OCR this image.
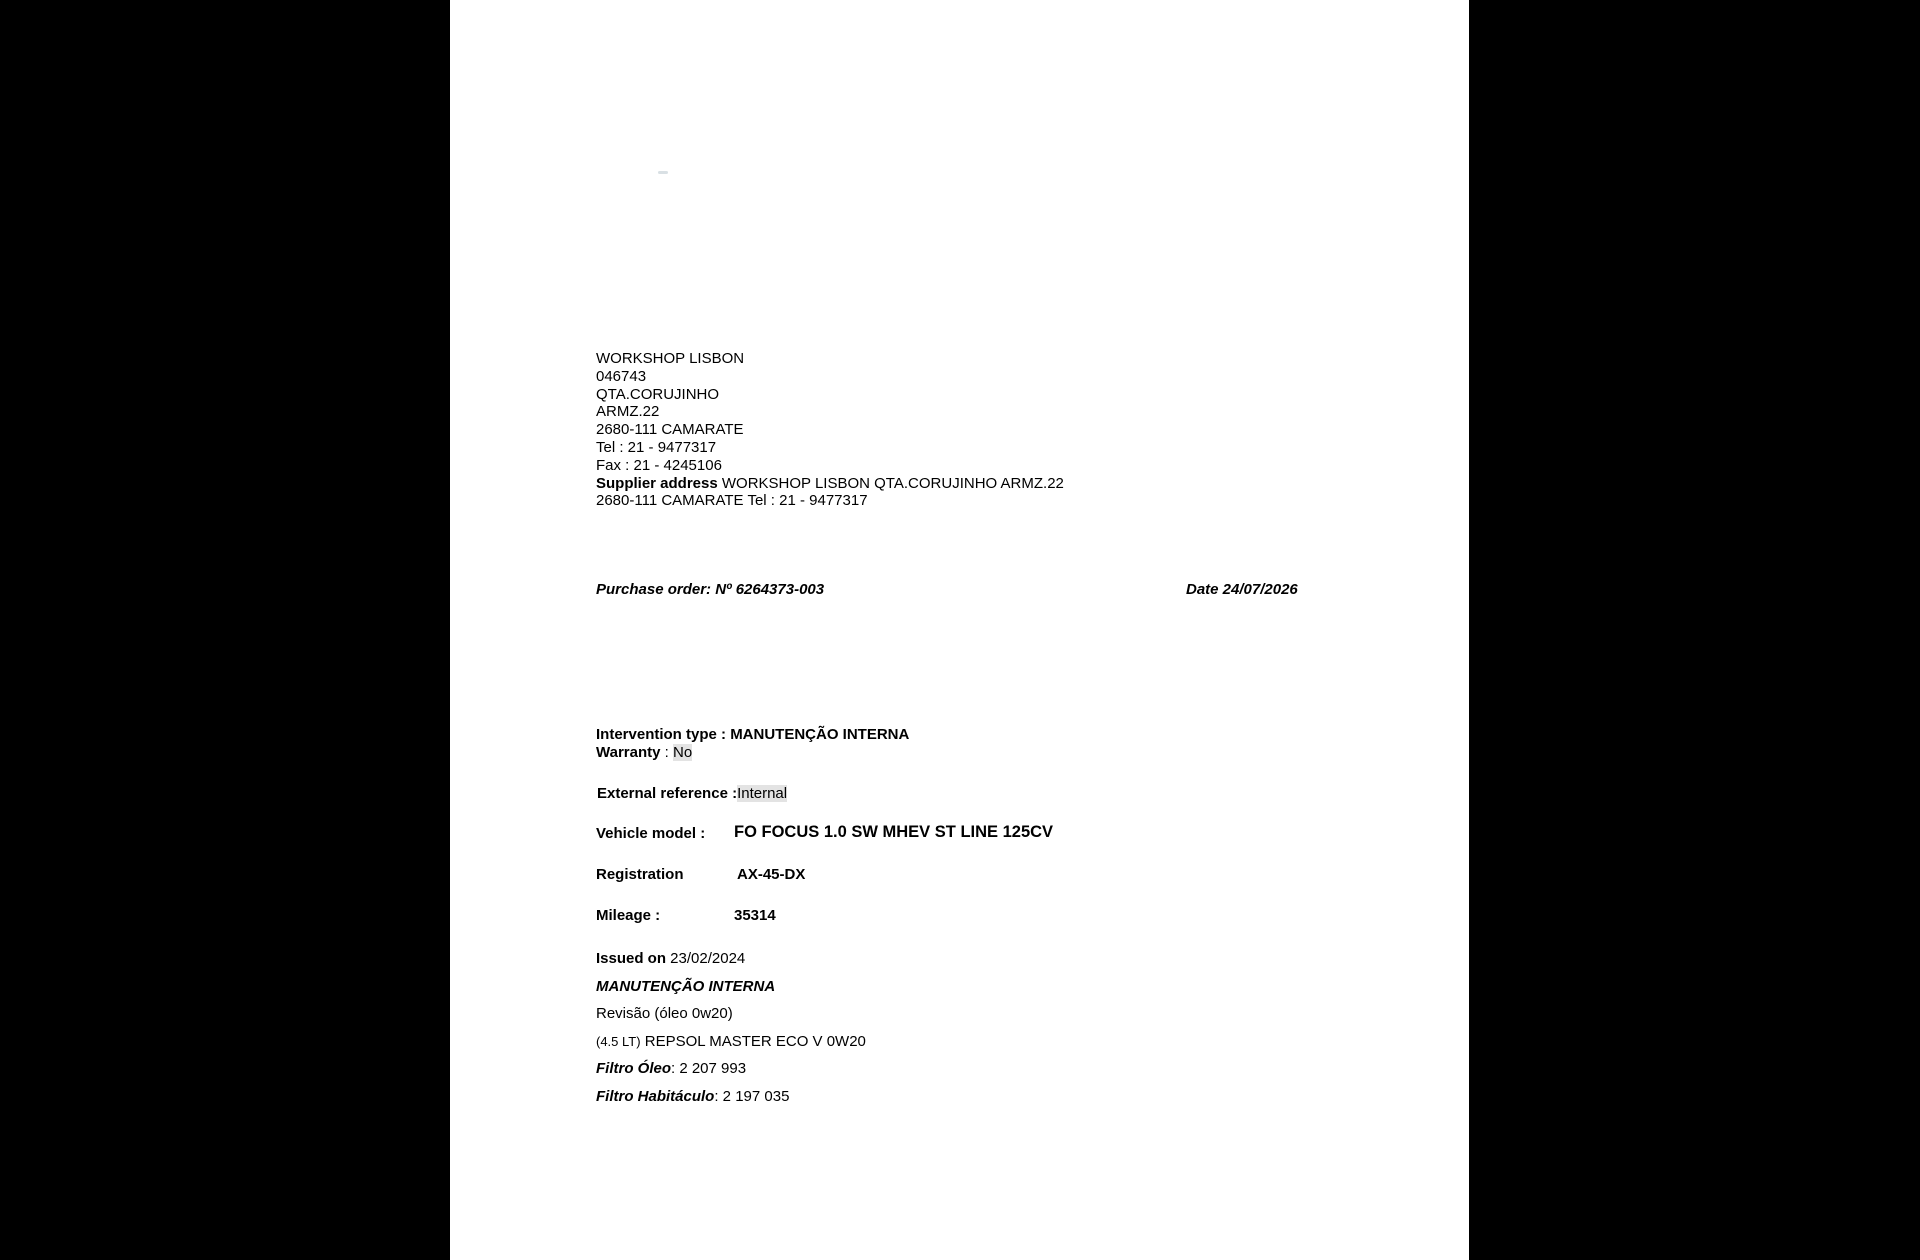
WORKSHOP LISBON
046743
QTA.CORUJINHO
ARMZ.22
2680-111 CAMARATE
Tel : 21 - 9477317
Fax : 21 - 4245106
Supplier address WORKSHOP LISBON QTA.CORUJINHO ARMZ.22
2680-111 CAMARATE Tel : 21 - 9477317
Purchase order: Nº 6264373-003	Date 24/07/2026
Intervention type : MANUTENÇÃO INTERNA
Warranty : No
External reference :Internal
Vehicle model : FO FOCUS 1.0 SW MHEV ST LINE 125CV
Registration	AX-45-DX
Mileage :	35314
Issued on 23/02/2024
MANUTENÇÃO INTERNA
Revisão (óleo 0w20)
(4.5 LT) REPSOL MASTER ECO V 0W20
Filtro Óleo: 2 207 993
Filtro Habitáculo: 2 197 035
